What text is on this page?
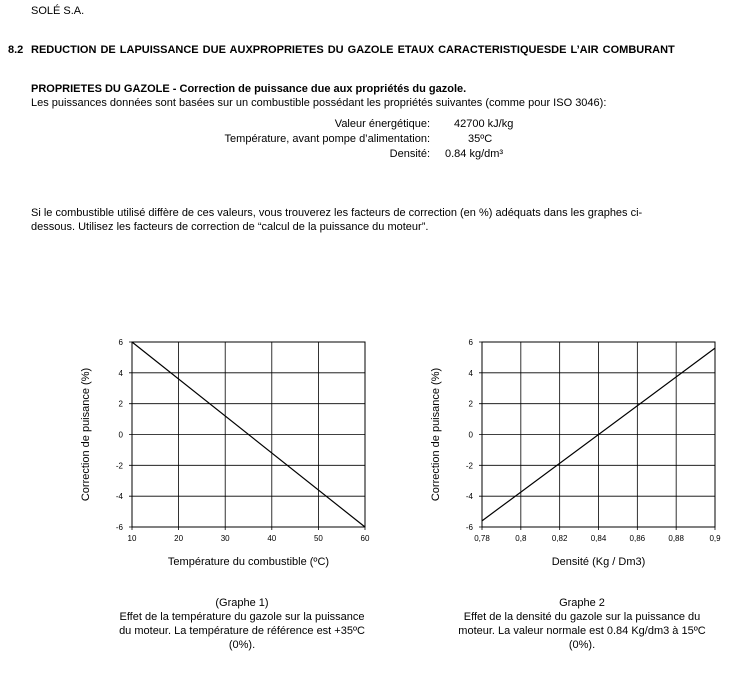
SOLÉ S.A.
8.2 REDUCTION DE LAPUISSANCE DUE AUXPROPRIETES DU GAZOLE ETAUX CARACTERISTIQUESDE L’AIR COMBURANT
PROPRIETES DU GAZOLE - Correction de puissance due aux propriétés du gazole.
Les puissances données sont basées sur un combustible possédant les propriétés suivantes (comme pour ISO 3046):
Valeur énergétique: 42700 kJ/kg
Température, avant pompe d’alimentation:	35ºC
Densité: 0.84 kg/dm³
Si le combustible utilisé diffère de ces valeurs, vous trouverez les facteurs de correction (en %) adéquats dans les graphes ci-
dessous. Utilisez les facteurs de correction de “calcul de la puissance du moteur”.
6
4
2
0
-2
-4
-6
10	20	30	40	50	60
Température du combustible (ºC)
Correction de puisance (%)
6
4
2
0
-2
-4
-6
0,78	0,8	0,82	0,84	0,86	0,88	0,9
Densité (Kg / Dm3)
Correction de puisance (%)
(Graphe 1)
Effet de la température du gazole sur la puissance
du moteur. La température de référence est +35ºC
(0%).
Graphe 2
Effet de la densité du gazole sur la puissance du
moteur. La valeur normale est 0.84 Kg/dm3 à 15ºC
(0%).
